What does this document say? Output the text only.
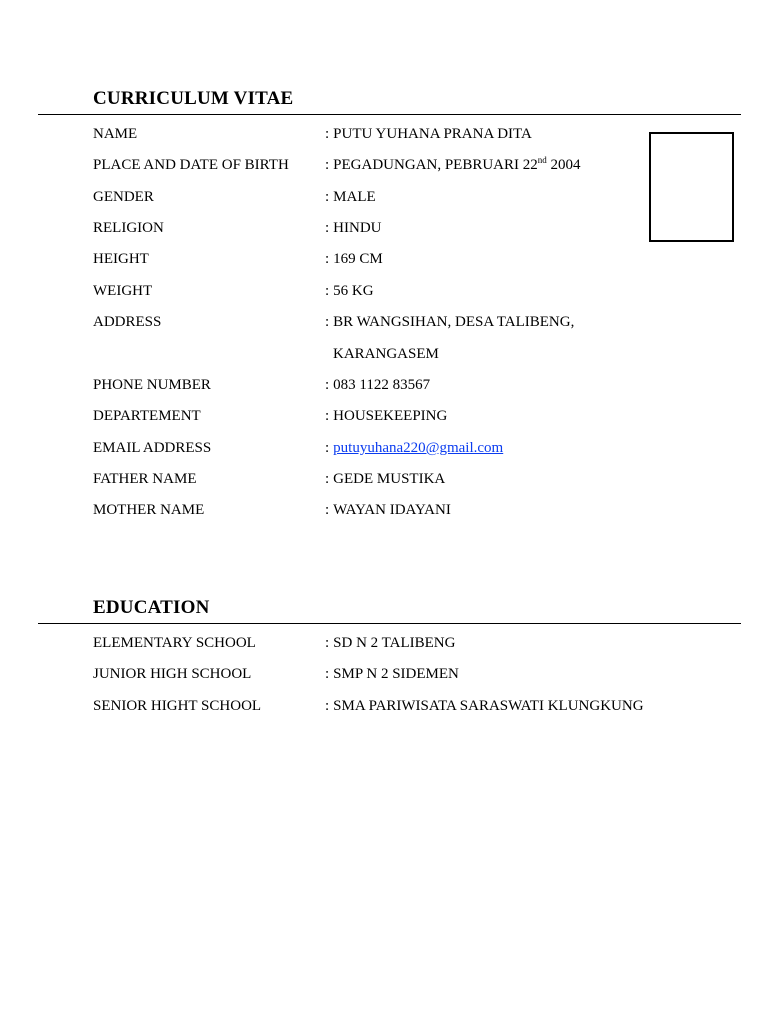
CURRICULUM VITAE
NAME	: PUTU YUHANA PRANA DITA
PLACE AND DATE OF BIRTH : PEGADUNGAN, PEBRUARI 22nd 2004
GENDER	: MALE
RELIGION	: HINDU
HEIGHT	: 169 CM
WEIGHT	: 56 KG
ADDRESS	: BR WANGSIHAN, DESA TALIBENG,
KARANGASEM
PHONE NUMBER	: 083 1122 83567
DEPARTEMENT	: HOUSEKEEPING
EMAIL ADDRESS	: putuyuhana220@gmail.com
FATHER NAME	: GEDE MUSTIKA
MOTHER NAME	: WAYAN IDAYANI
EDUCATION
ELEMENTARY SCHOOL	: SD N 2 TALIBENG
JUNIOR HIGH SCHOOL	: SMP N 2 SIDEMEN
SENIOR HIGHT SCHOOL	: SMA PARIWISATA SARASWATI KLUNGKUNG
